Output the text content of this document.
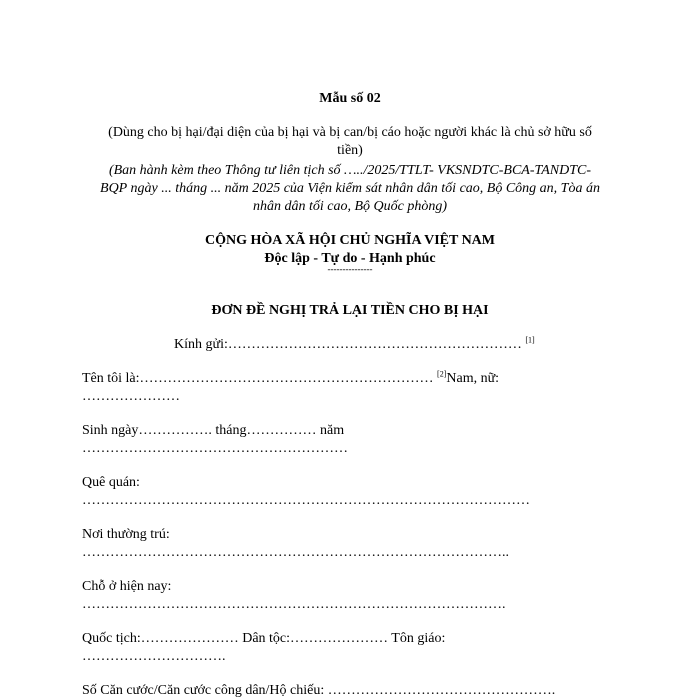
Mẫu số 02
(Dùng cho bị hại/đại diện của bị hại và bị can/bị cáo hoặc người khác là chủ sở hữu số
tiền)
(Ban hành kèm theo Thông tư liên tịch số …../2025/TTLT- VKSNDTC-BCA-TANDTC-
BQP ngày ... tháng ... năm 2025 của Viện kiểm sát nhân dân tối cao, Bộ Công an, Tòa án
nhân dân tối cao, Bộ Quốc phòng)
CỘNG HÒA XÃ HỘI CHỦ NGHĨA VIỆT NAM
Độc lập - Tự do - Hạnh phúc
---------------
ĐƠN ĐỀ NGHỊ TRẢ LẠI TIỀN CHO BỊ HẠI
Kính gửi:……………………………………………………… [1]
Tên tôi là:……………………………………………………… [2]Nam, nữ:
…………………
Sinh ngày……………. tháng…………… năm
…………………………………………………
Quê quán:
……………………………………………………………………………………
Nơi thường trú:
………………………………………………………………………………..
Chỗ ở hiện nay:
……………………………………………………………………………….
Quốc tịch:………………… Dân tộc:………………… Tôn giáo:
………………………….
Số Căn cước/Căn cước công dân/Hộ chiếu: ………………………………………….
